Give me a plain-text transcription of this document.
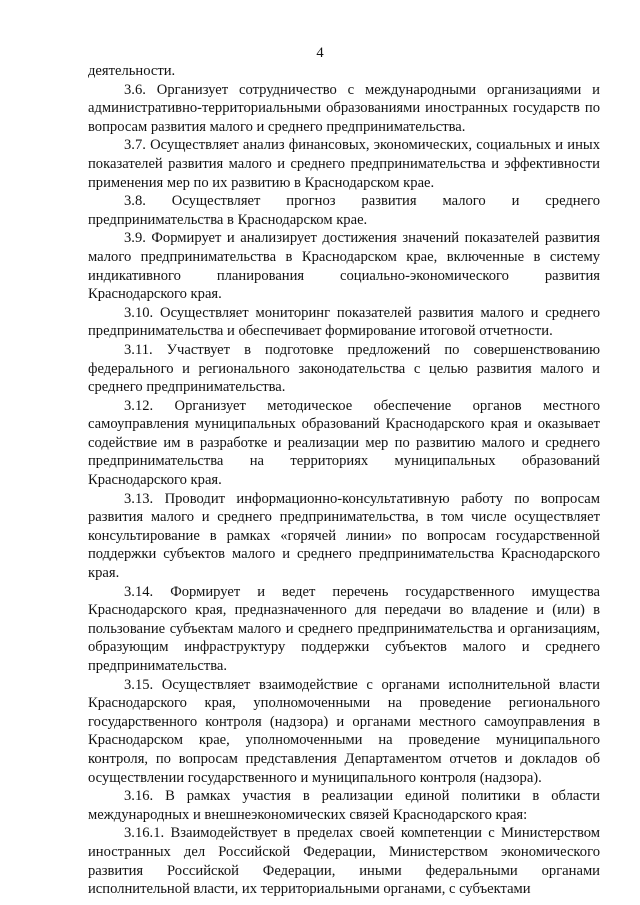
4

деятельности.

3.6. Организует сотрудничество с международными организациями и административно-территориальными образованиями иностранных государств по вопросам развития малого и среднего предпринимательства.

3.7. Осуществляет анализ финансовых, экономических, социальных и иных показателей развития малого и среднего предпринимательства и эффективности применения мер по их развитию в Краснодарском крае.

3.8. Осуществляет прогноз развития малого и среднего предпринимательства в Краснодарском крае.

3.9. Формирует и анализирует достижения значений показателей развития малого предпринимательства в Краснодарском крае, включенные в систему индикативного планирования социально-экономического развития Краснодарского края.

3.10. Осуществляет мониторинг показателей развития малого и среднего предпринимательства и обеспечивает формирование итоговой отчетности.

3.11. Участвует в подготовке предложений по совершенствованию федерального и регионального законодательства с целью развития малого и среднего предпринимательства.

3.12. Организует методическое обеспечение органов местного самоуправления муниципальных образований Краснодарского края и оказывает содействие им в разработке и реализации мер по развитию малого и среднего предпринимательства на территориях муниципальных образований Краснодарского края.

3.13. Проводит информационно-консультативную работу по вопросам развития малого и среднего предпринимательства, в том числе осуществляет консультирование в рамках «горячей линии» по вопросам государственной поддержки субъектов малого и среднего предпринимательства Краснодарского края.

3.14. Формирует и ведет перечень государственного имущества Краснодарского края, предназначенного для передачи во владение и (или) в пользование субъектам малого и среднего предпринимательства и организациям, образующим инфраструктуру поддержки субъектов малого и среднего предпринимательства.

3.15. Осуществляет взаимодействие с органами исполнительной власти Краснодарского края, уполномоченными на проведение регионального государственного контроля (надзора) и органами местного самоуправления в Краснодарском крае, уполномоченными на проведение муниципального контроля, по вопросам представления Департаментом отчетов и докладов об осуществлении государственного и муниципального контроля (надзора).

3.16. В рамках участия в реализации единой политики в области международных и внешнеэкономических связей Краснодарского края:

3.16.1. Взаимодействует в пределах своей компетенции с Министерством иностранных дел Российской Федерации, Министерством экономического развития Российской Федерации, иными федеральными органами исполнительной власти, их территориальными органами, с субъектами
